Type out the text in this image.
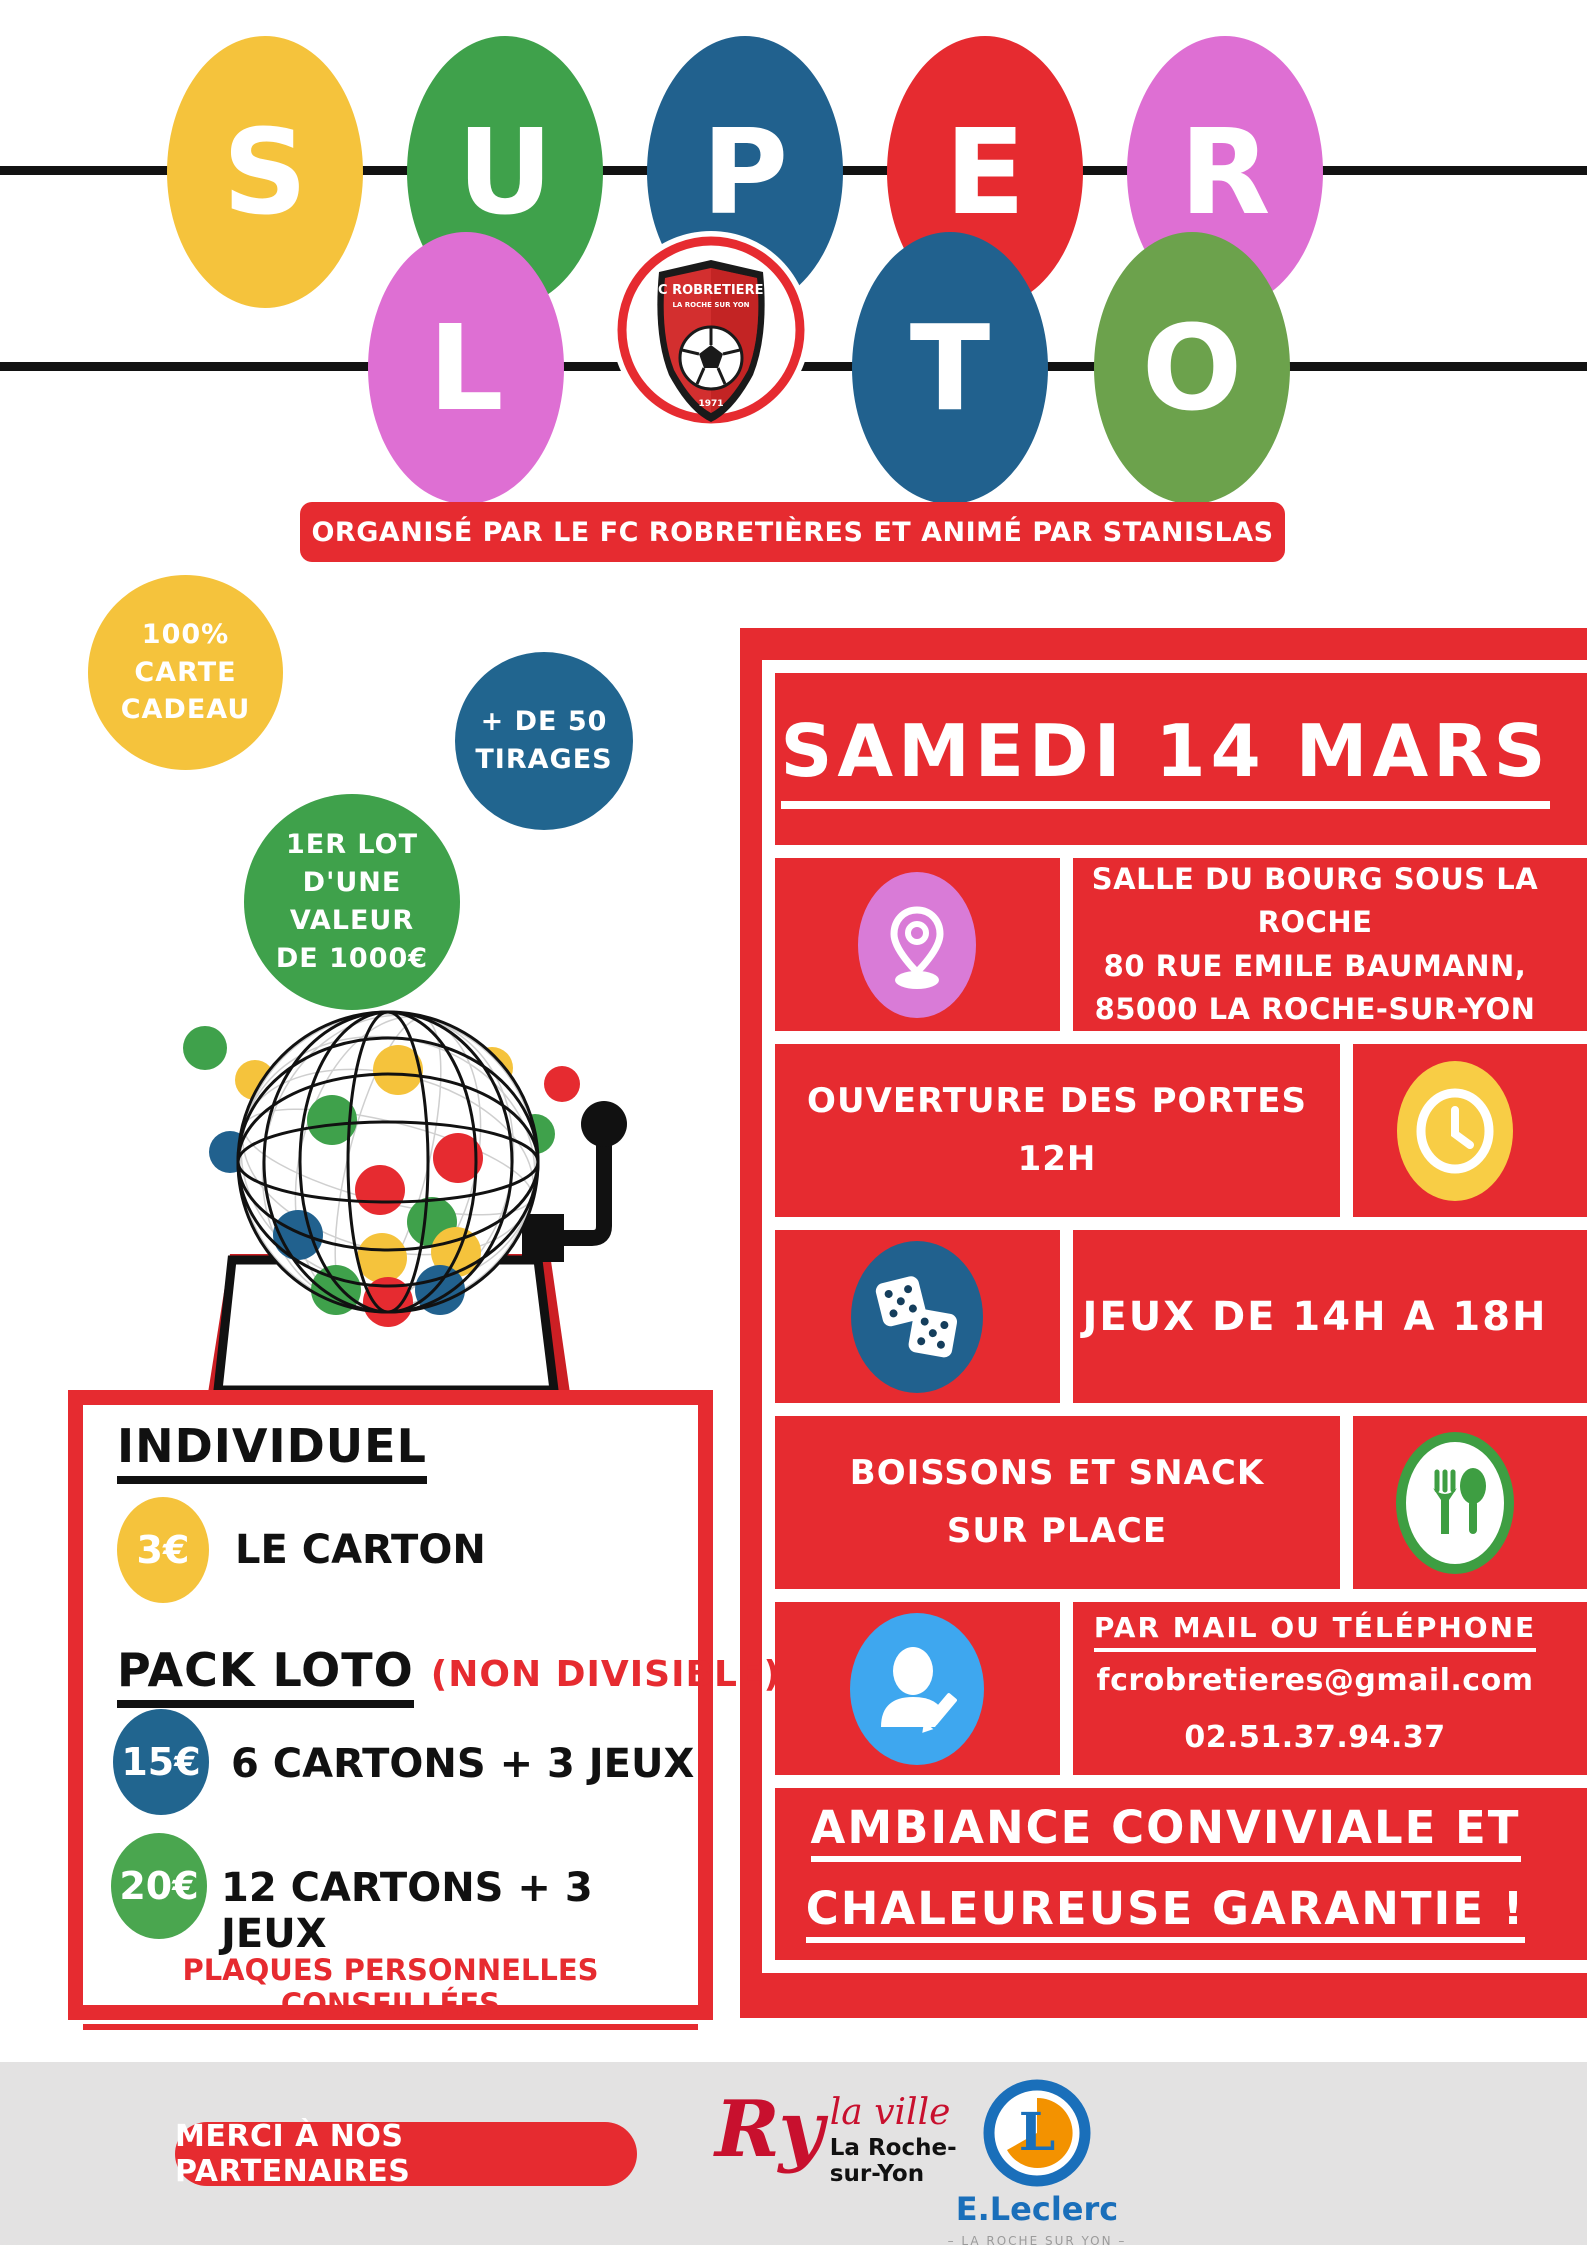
S U P E R
L
FC ROBRETIERES
LA ROCHE SUR YON
1971 T O
ORGANISÉ PAR LE FC ROBRETIÈRES ET ANIMÉ PAR STANISLAS
100%
CARTE
CADEAU	+ DE 50
TIRAGES
1ER LOT
D'UNE
VALEUR
DE 1000€
INDIVIDUEL
3€ LE CARTON
PACK LOTO (NON DIVISIBLE)
15€ 6 CARTONS + 3 JEUX
20€ 12 CARTONS + 3 JEUX
PLAQUES PERSONNELLES CONSEILLÉES
SAMEDI 14 MARS
SALLE DU BOURG SOUS LA ROCHE
80 RUE EMILE BAUMANN,
85000 LA ROCHE-SUR-YON
OUVERTURE DES PORTES
12H
JEUX DE 14H A 18H
BOISSONS ET SNACK
SUR PLACE
PAR MAIL OU TÉLÉPHONE
fcrobretieres@gmail.com
02.51.37.94.37
AMBIANCE CONVIVIALE ET
CHALEUREUSE GARANTIE !
MERCI À NOS PARTENAIRES	Ry la ville
La Roche-sur-Yon
L
E.Leclerc
– LA ROCHE SUR YON –
